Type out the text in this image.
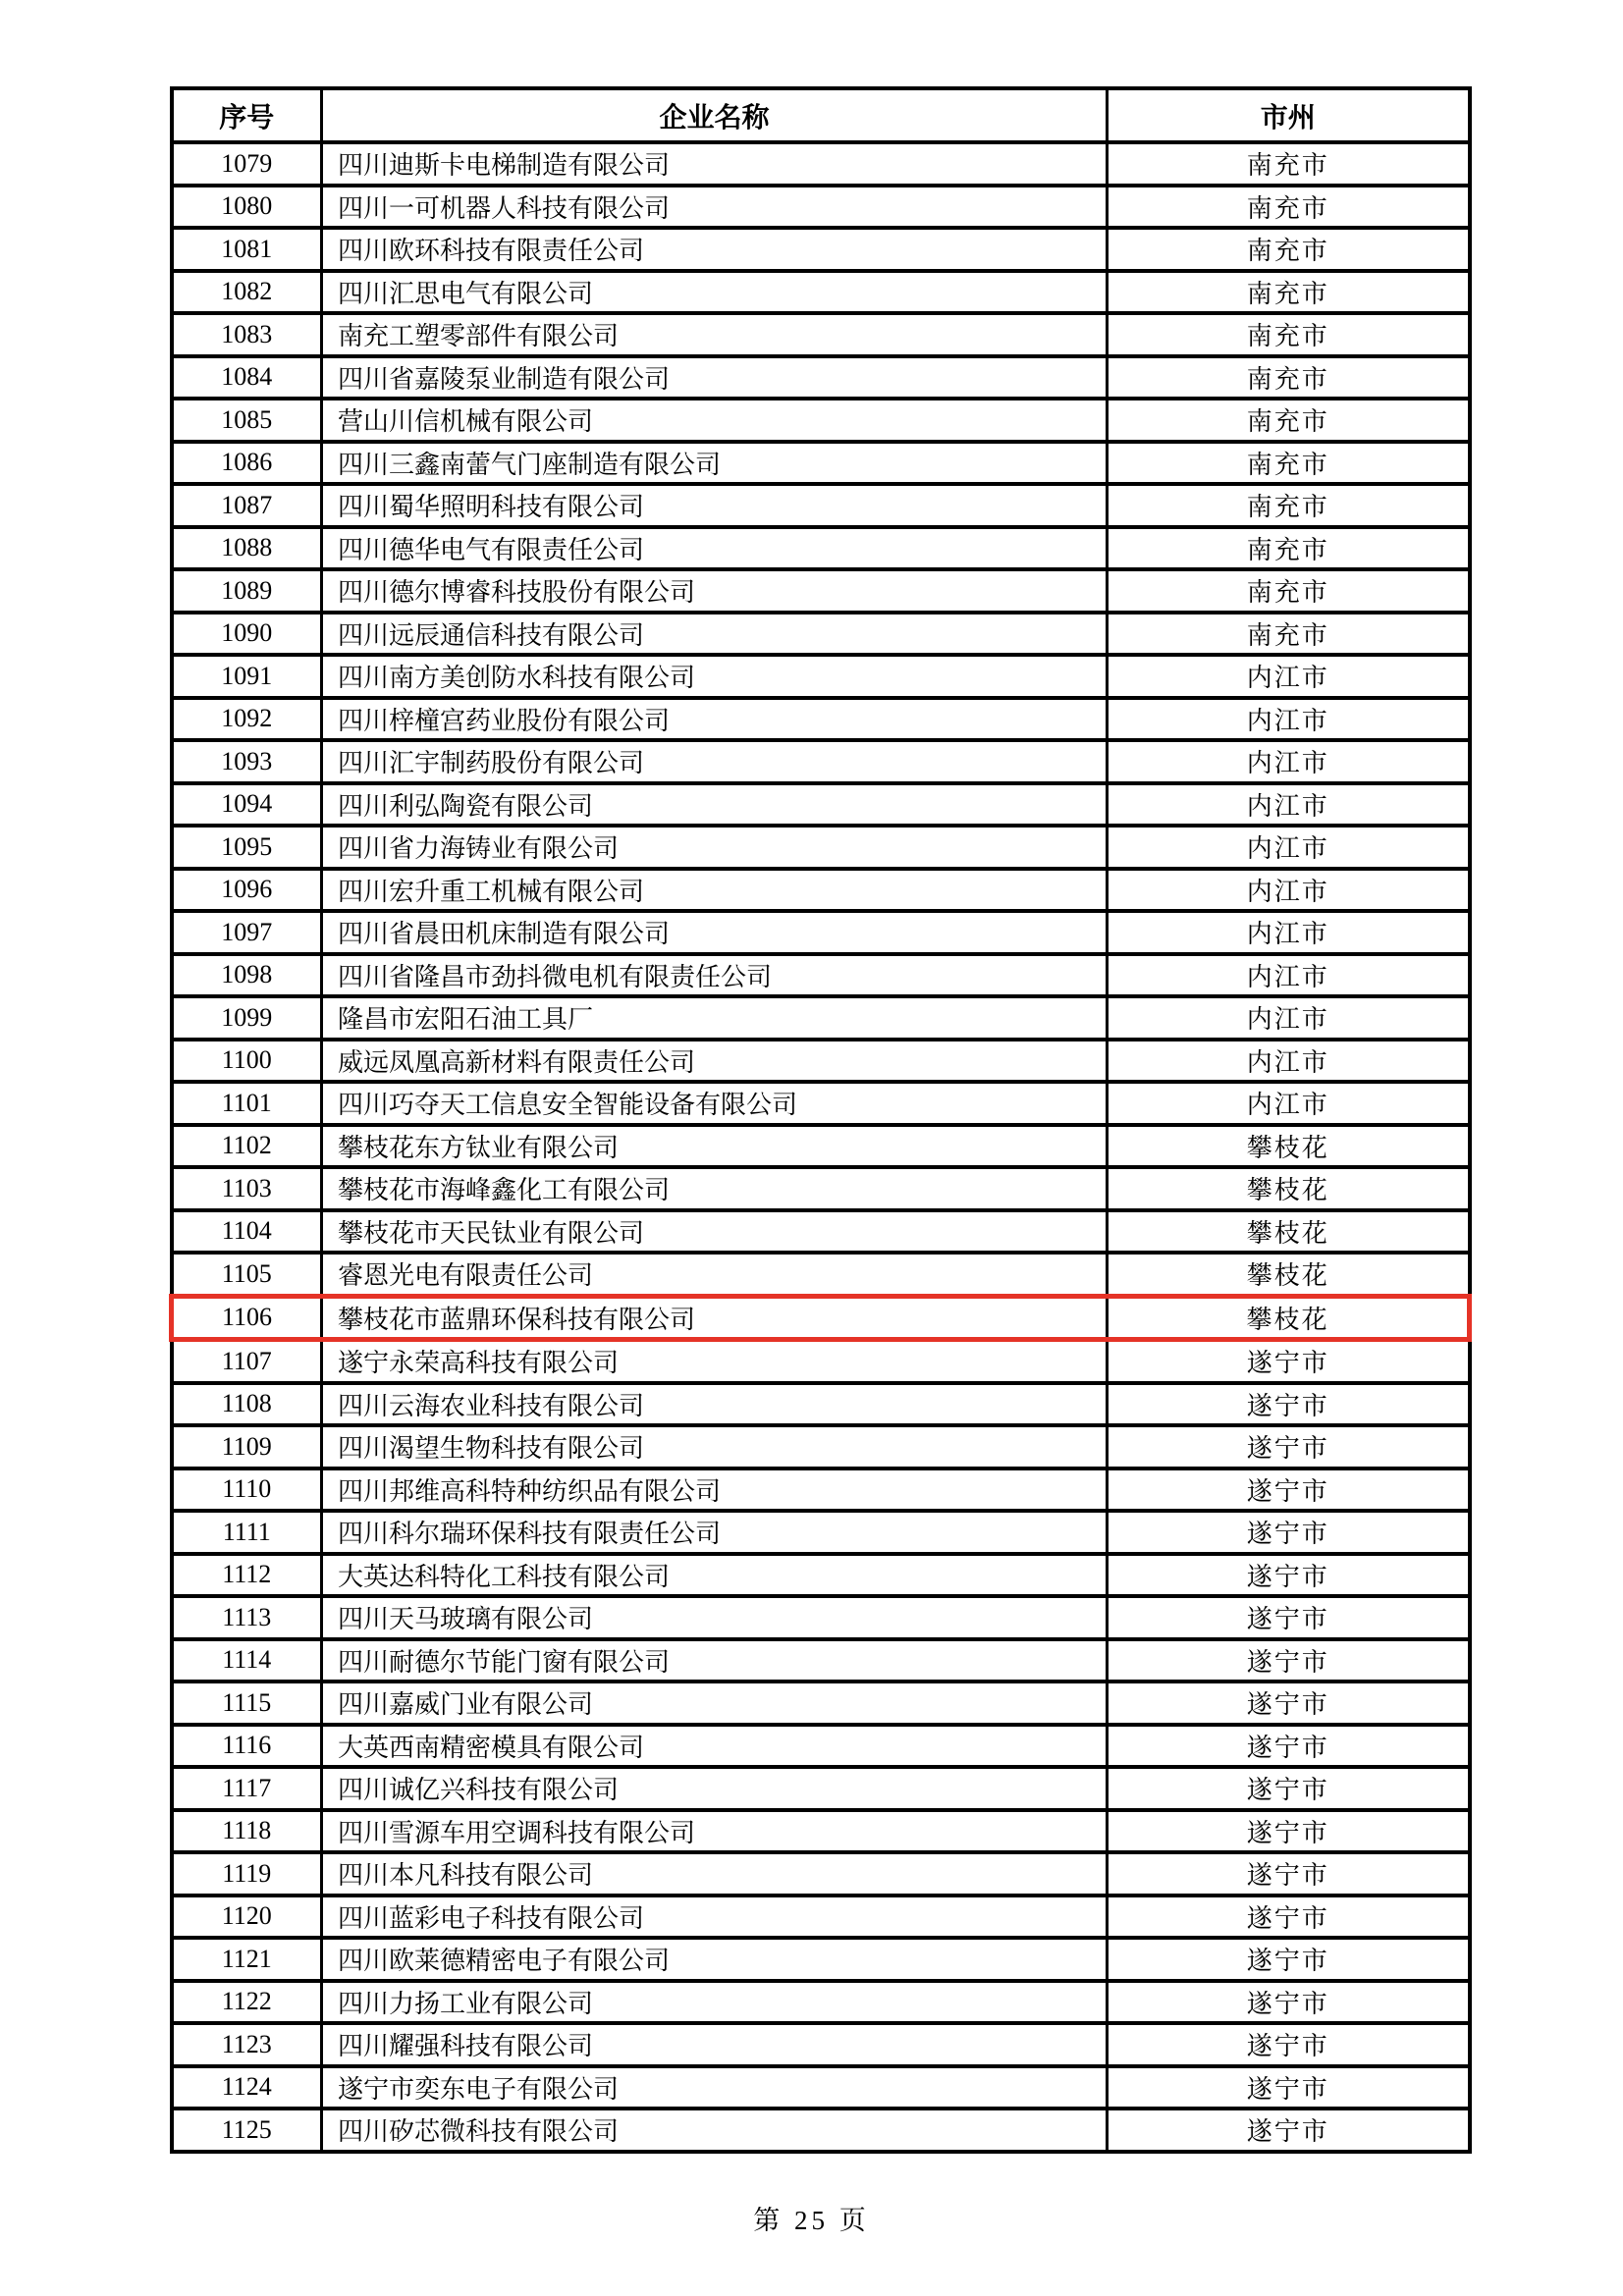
序号	企业名称	市州
1079	四川迪斯卡电梯制造有限公司	南充市
1080	四川一可机器人科技有限公司	南充市
1081	四川欧环科技有限责任公司	南充市
1082	四川汇思电气有限公司	南充市
1083	南充工塑零部件有限公司	南充市
1084	四川省嘉陵泵业制造有限公司	南充市
1085	营山川信机械有限公司	南充市
1086	四川三鑫南蕾气门座制造有限公司	南充市
1087	四川蜀华照明科技有限公司	南充市
1088	四川德华电气有限责任公司	南充市
1089	四川德尔博睿科技股份有限公司	南充市
1090	四川远辰通信科技有限公司	南充市
1091	四川南方美创防水科技有限公司	内江市
1092	四川梓橦宫药业股份有限公司	内江市
1093	四川汇宇制药股份有限公司	内江市
1094	四川利弘陶瓷有限公司	内江市
1095	四川省力海铸业有限公司	内江市
1096	四川宏升重工机械有限公司	内江市
1097	四川省晨田机床制造有限公司	内江市
1098	四川省隆昌市劲抖微电机有限责任公司	内江市
1099	隆昌市宏阳石油工具厂	内江市
1100	威远凤凰高新材料有限责任公司	内江市
1101	四川巧夺天工信息安全智能设备有限公司	内江市
1102	攀枝花东方钛业有限公司	攀枝花
1103	攀枝花市海峰鑫化工有限公司	攀枝花
1104	攀枝花市天民钛业有限公司	攀枝花
1105	睿恩光电有限责任公司	攀枝花
1106	攀枝花市蓝鼎环保科技有限公司	攀枝花
1107	遂宁永荣高科技有限公司	遂宁市
1108	四川云海农业科技有限公司	遂宁市
1109	四川渴望生物科技有限公司	遂宁市
1110	四川邦维高科特种纺织品有限公司	遂宁市
1111	四川科尔瑞环保科技有限责任公司	遂宁市
1112	大英达科特化工科技有限公司	遂宁市
1113	四川天马玻璃有限公司	遂宁市
1114	四川耐德尔节能门窗有限公司	遂宁市
1115	四川嘉威门业有限公司	遂宁市
1116	大英西南精密模具有限公司	遂宁市
1117	四川诚亿兴科技有限公司	遂宁市
1118	四川雪源车用空调科技有限公司	遂宁市
1119	四川本凡科技有限公司	遂宁市
1120	四川蓝彩电子科技有限公司	遂宁市
1121	四川欧莱德精密电子有限公司	遂宁市
1122	四川力扬工业有限公司	遂宁市
1123	四川耀强科技有限公司	遂宁市
1124	遂宁市奕东电子有限公司	遂宁市
1125	四川矽芯微科技有限公司	遂宁市
第 25 页
